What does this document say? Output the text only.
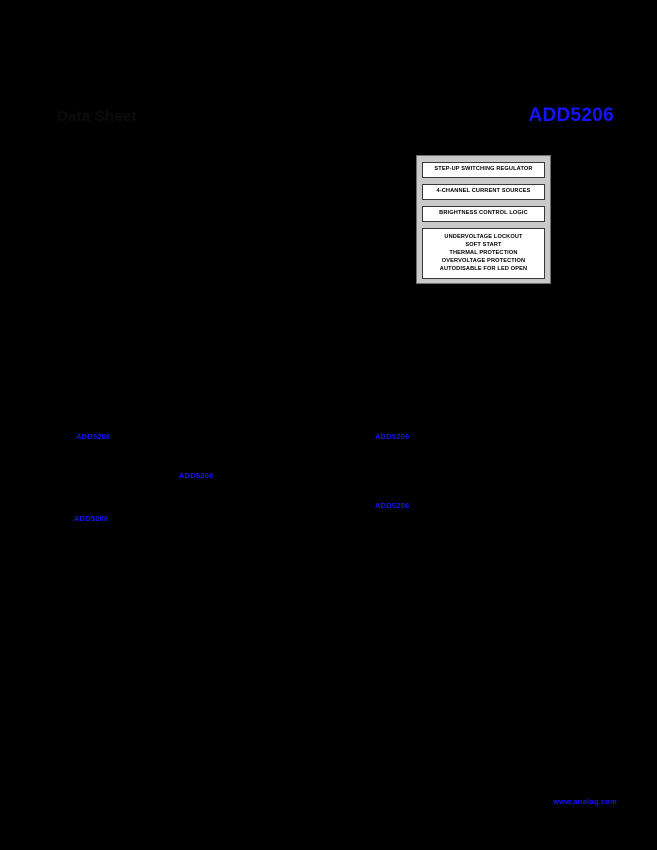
Data Sheet	ADD5206
STEP-UP SWITCHING REGULATOR
4-CHANNEL CURRENT SOURCES
BRIGHTNESS CONTROL LOGIC
UNDERVOLTAGE LOCKOUT
SOFT START
THERMAL PROTECTION
OVERVOLTAGE PROTECTION
AUTODISABLE FOR LED OPEN
ADD5206	ADD5206
ADD5206
ADD5206
ADD5206
www.analog.com
